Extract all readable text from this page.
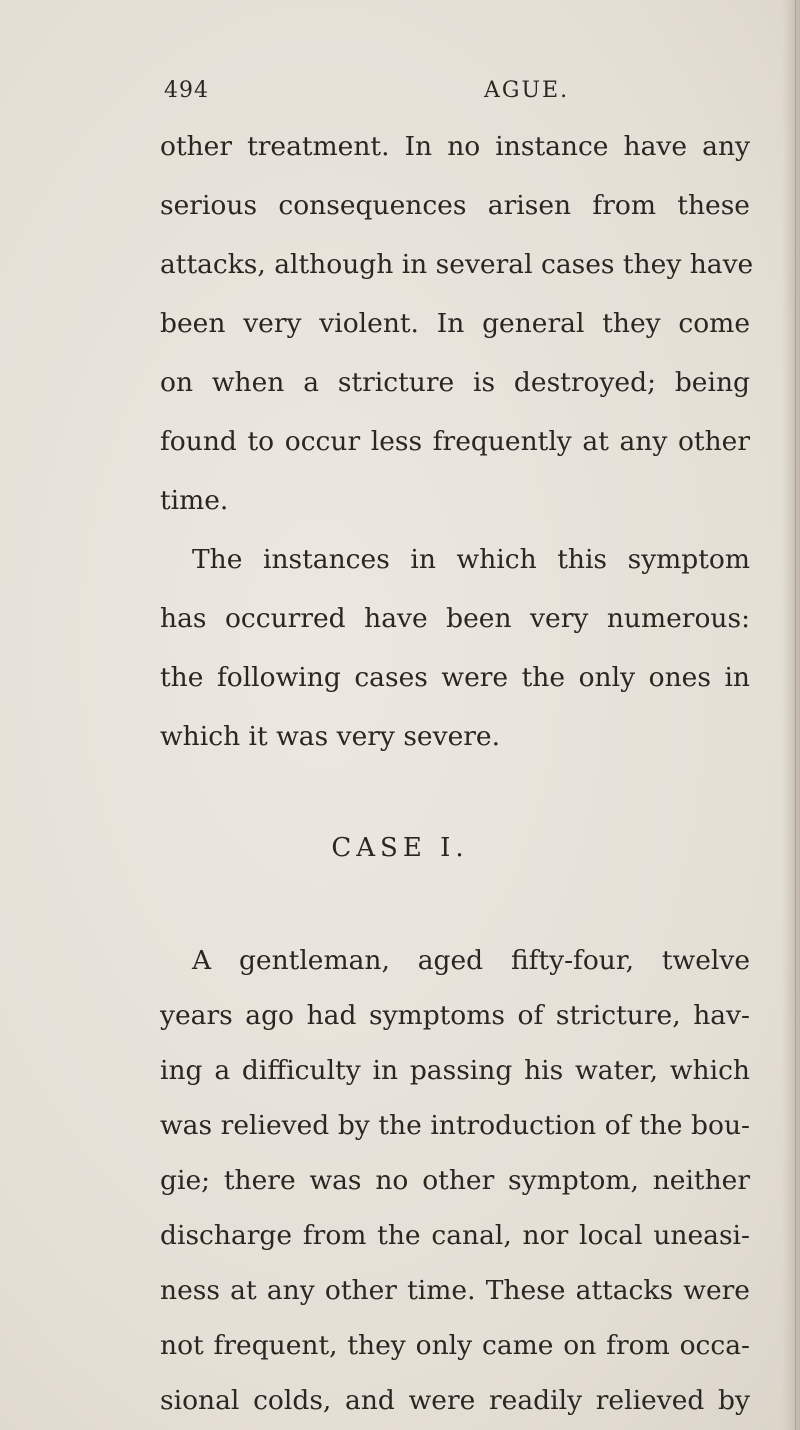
494	AGUE.
other treatment. In no instance have any
serious consequences arisen from these
attacks, although in several cases they have
been very violent. In general they come
on when a stricture is destroyed; being
found to occur less frequently at any other
time.
The instances in which this symptom
has occurred have been very numerous:
the following cases were the only ones in
which it was very severe.
CASE I.
A gentleman, aged fifty-four, twelve
years ago had symptoms of stricture, hav-
ing a difficulty in passing his water, which
was relieved by the introduction of the bou-
gie; there was no other symptom, neither
discharge from the canal, nor local uneasi-
ness at any other time. These attacks were
not frequent, they only came on from occa-
sional colds, and were readily relieved by
